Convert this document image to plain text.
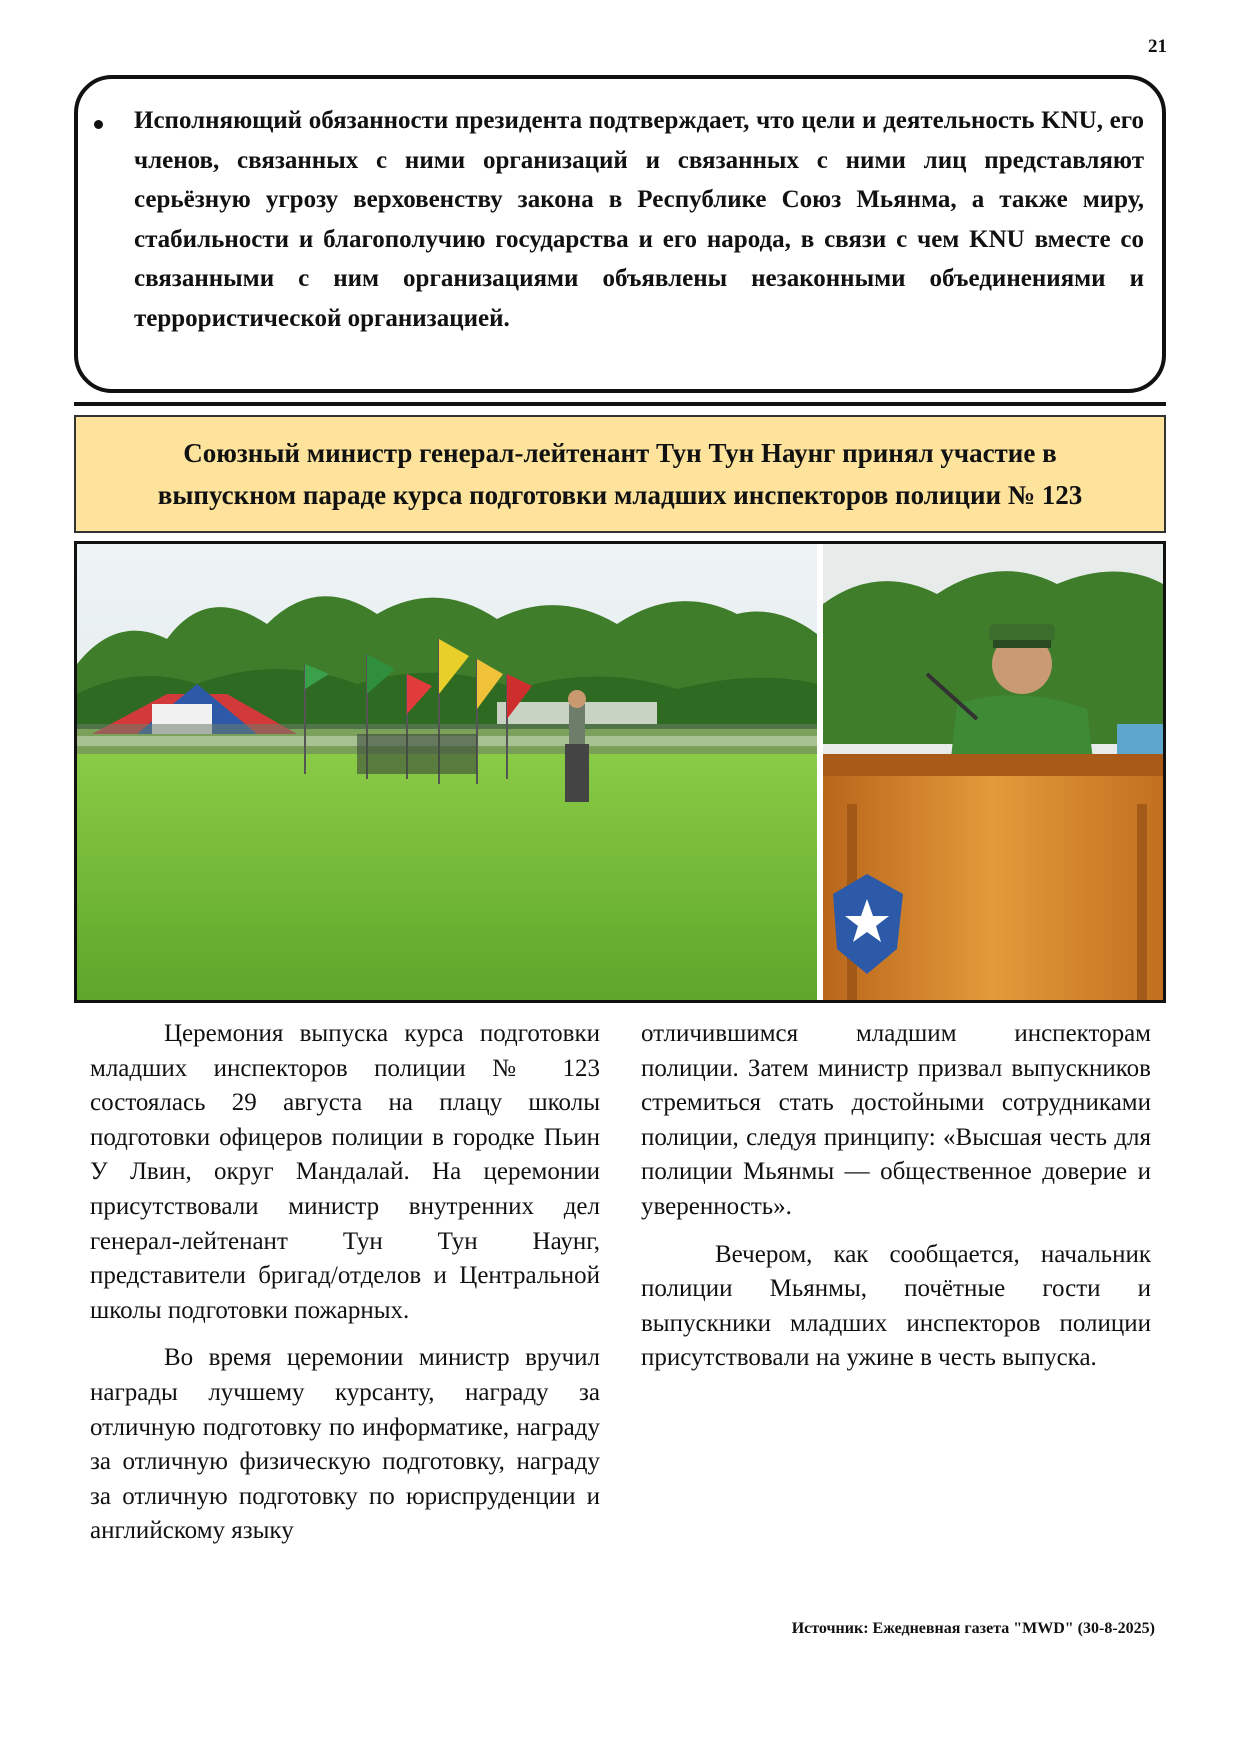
21
Исполняющий обязанности президента подтверждает, что цели и деятельность KNU, его членов, связанных с ними организаций и связанных с ними лиц представляют серьёзную угрозу верховенству закона в Республике Союз Мьянма, а также миру, стабильности и благополучию государства и его народа, в связи с чем KNU вместе со связанными с ним организациями объявлены незаконными объединениями и террористической организацией.
Союзный министр генерал-лейтенант Тун Тун Наунг принял участие в
выпускном параде курса подготовки младших инспекторов полиции № 123

Церемония выпуска курса подготовки младших инспекторов полиции № 123 состоялась 29 августа на плацу школы подготовки офицеров полиции в городке Пьин У Лвин, округ Мандалай. На церемонии присутствовали министр внутренних дел генерал-лейтенант Тун Тун Наунг, представители бригад/отделов и Центральной школы подготовки пожарных.

Во время церемонии министр вручил награды лучшему курсанту, награду за отличную подготовку по информатике, награду за отличную физическую подготовку, награду за отличную подготовку по юриспруденции и английскому языку

отличившимся младшим инспекторам полиции. Затем министр призвал выпускников стремиться стать достойными сотрудниками полиции, следуя принципу: «Высшая честь для полиции Мьянмы — общественное доверие и уверенность».

Вечером, как сообщается, начальник полиции Мьянмы, почётные гости и выпускники младших инспекторов полиции присутствовали на ужине в честь выпуска.

Источник: Ежедневная газета "MWD" (30-8-2025)
